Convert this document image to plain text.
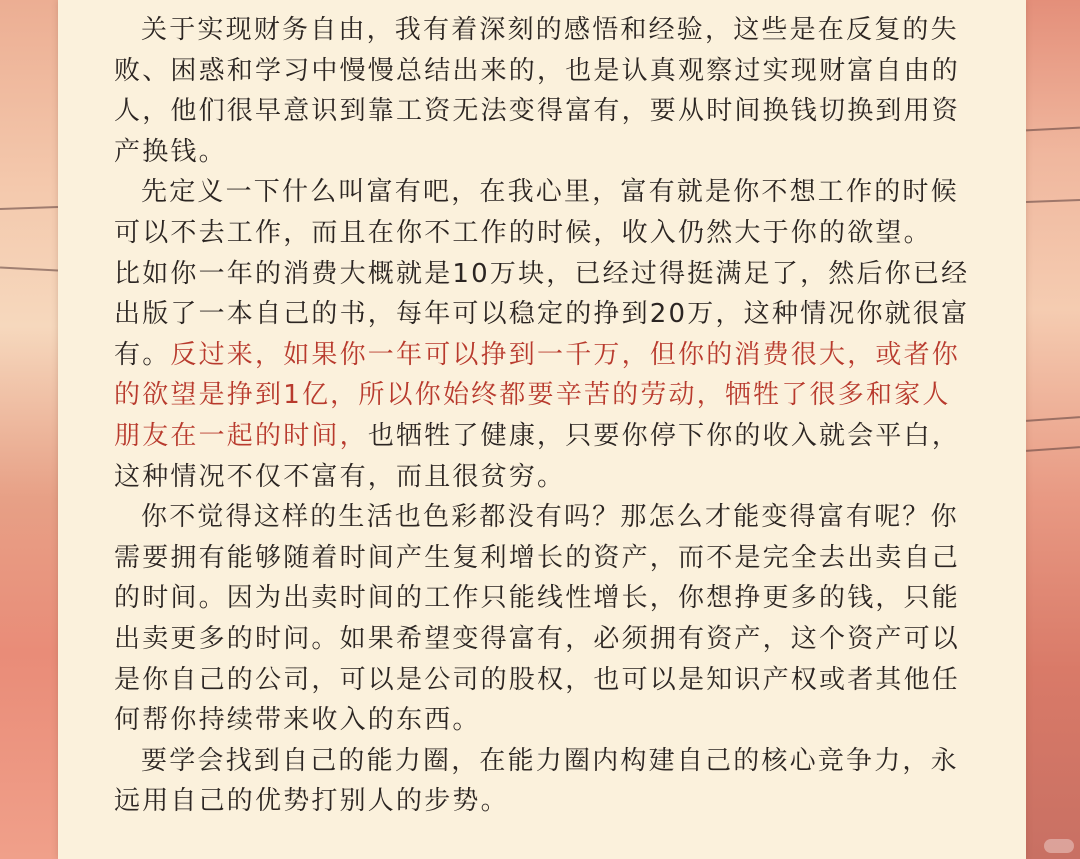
关于实现财务自由，我有着深刻的感悟和经验，这些是在反复的失败、困惑和学习中慢慢总结出来的，也是认真观察过实现财富自由的人，他们很早意识到靠工资无法变得富有，要从时间换钱切换到用资产换钱。

先定义一下什么叫富有吧，在我心里，富有就是你不想工作的时候可以不去工作，而且在你不工作的时候，收入仍然大于你的欲望。

比如你一年的消费大概就是10万块，已经过得挺满足了，然后你已经出版了一本自己的书，每年可以稳定的挣到20万，这种情况你就很富有。反过来，如果你一年可以挣到一千万，但你的消费很大，或者你的欲望是挣到1亿，所以你始终都要辛苦的劳动，牺牲了很多和家人朋友在一起的时间，也牺牲了健康，只要你停下你的收入就会平白，这种情况不仅不富有，而且很贫穷。

你不觉得这样的生活也色彩都没有吗？那怎么才能变得富有呢？你需要拥有能够随着时间产生复利增长的资产，而不是完全去出卖自己的时间。因为出卖时间的工作只能线性增长，你想挣更多的钱，只能出卖更多的时问。如果希望变得富有，必须拥有资产，这个资产可以是你自己的公司，可以是公司的股权，也可以是知识产权或者其他任何帮你持续带来收入的东西。

要学会找到自己的能力圈，在能力圈内构建自己的核心竞争力，永远用自己的优势打别人的步势。
